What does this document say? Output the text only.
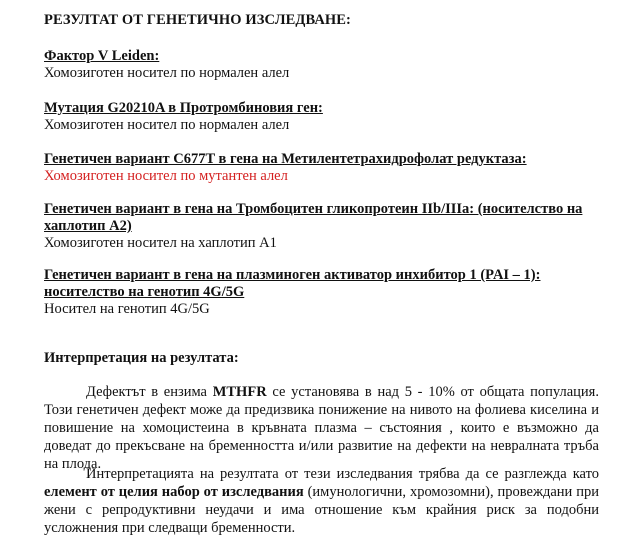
РЕЗУЛТАТ ОТ ГЕНЕТИЧНО ИЗСЛЕДВАНЕ:

Фактор V Leiden:

Хомозиготен носител по нормален алел

Мутация G20210A в Протромбиновия ген:

Хомозиготен носител по нормален алел

Генетичен вариант C677T в гена на Метилентетрахидрофолат редуктаза:

Хомозиготен носител по мутантен алел

Генетичен вариант в гена на Тромбоцитен гликопротеин IIb/IIIa: (носителство на хаплотип А2)

Хомозиготен носител на хаплотип А1

Генетичен вариант в гена на плазминоген активатор инхибитор 1 (PAI – 1): носителство на генотип 4G/5G

Носител на генотип 4G/5G

Интерпретация на резултата:

Дефектът в ензима MTHFR се установява в над 5 - 10% от общата популация. Този генетичен дефект може да предизвика понижение на нивото на фолиева киселина и повишение на хомоцистеина в кръвната плазма – състояния , които е възможно да доведат до прекъсване на бременността и/или развитие на дефекти на невралната тръба на плода.

Интерпретацията на резултата от тези изследвания трябва да се разглежда като елемент от целия набор от изследвания (имунологични, хромозомни), провеждани при жени с репродуктивни неудачи и има отношение към крайния риск за подобни усложнения при следващи бременности.
